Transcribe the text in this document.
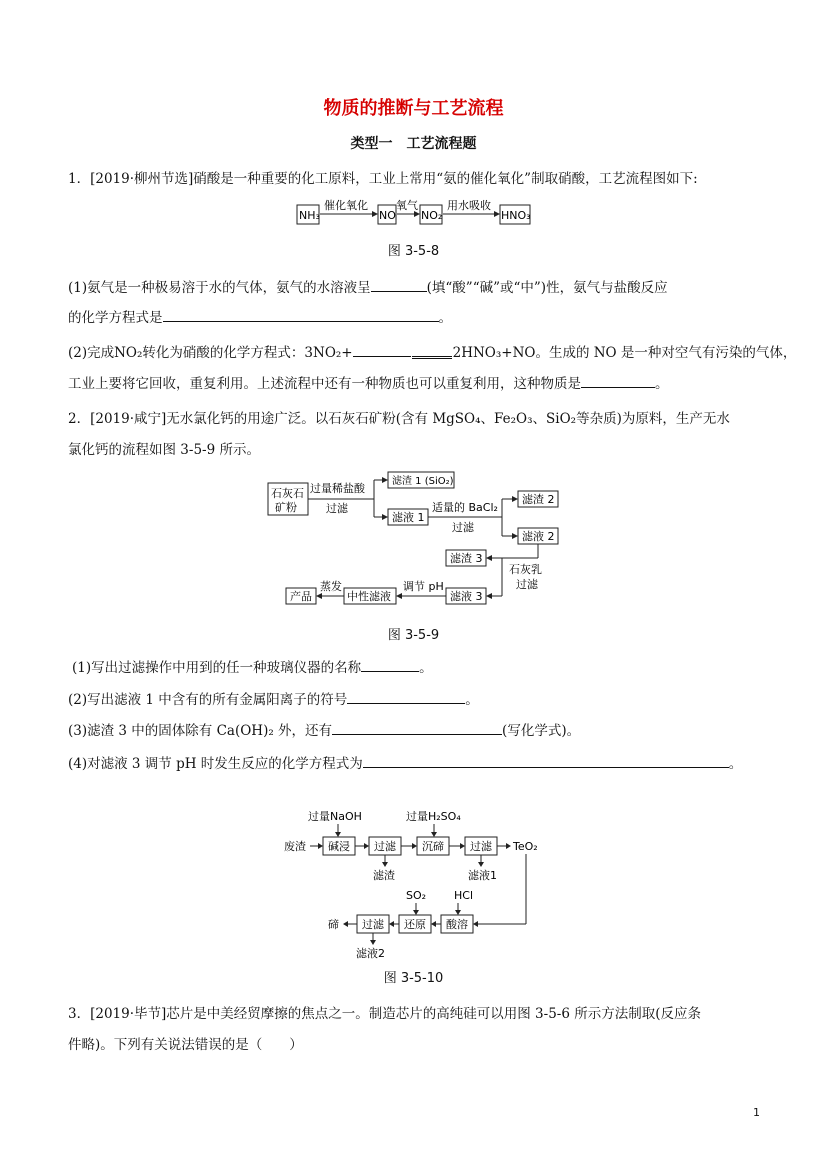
物质的推断与工艺流程
类型一　工艺流程题
1．[2019·柳州节选]硝酸是一种重要的化工原料，工业上常用“氨的催化氧化”制取硝酸，工艺流程图如下:
NH₃
催化氧化
NO
氧气
NO₂
用水吸收
HNO₃
图 3-5-8
(1)氨气是一种极易溶于水的气体，氨气的水溶液呈	(填“酸”“碱”或“中”)性，氨气与盐酸反应
的化学方程式是	。
(2)完成NO₂转化为硝酸的化学方程式：3NO₂+	2HNO₃+NO。生成的 NO 是一种对空气有污染的气体，
工业上要将它回收，重复利用。上述流程中还有一种物质也可以重复利用，这种物质是	。
2．[2019·咸宁]无水氯化钙的用途广泛。以石灰石矿粉(含有 MgSO₄、Fe₂O₃、SiO₂等杂质)为原料，生产无水
氯化钙的流程如图 3-5-9 所示。
石灰石
矿粉
过量稀盐酸
过滤
滤渣 1 (SiO₂)
滤液 1
适量的 BaCl₂
过滤
滤渣 2
滤液 2
石灰乳
过滤
滤渣 3
滤液 3
调节 pH
中性滤液
蒸发
产品
图 3-5-9
(1)写出过滤操作中用到的任一种玻璃仪器的名称	。
(2)写出滤液 1 中含有的所有金属阳离子的符号	。
(3)滤渣 3 中的固体除有 Ca(OH)₂ 外，还有	(写化学式)。
(4)对滤液 3 调节 pH 时发生反应的化学方程式为	。
过量NaOH	过量H₂SO₄
废渣 碱浸 过滤
滤渣
沉碲 过滤
滤液1
TeO₂
SO₂	HCl
酸溶
还原
过滤
滤液2
碲
图 3-5-10
3．[2019·毕节]芯片是中美经贸摩擦的焦点之一。制造芯片的高纯硅可以用图 3-5-6 所示方法制取(反应条
件略)。下列有关说法错误的是（　　）
1
